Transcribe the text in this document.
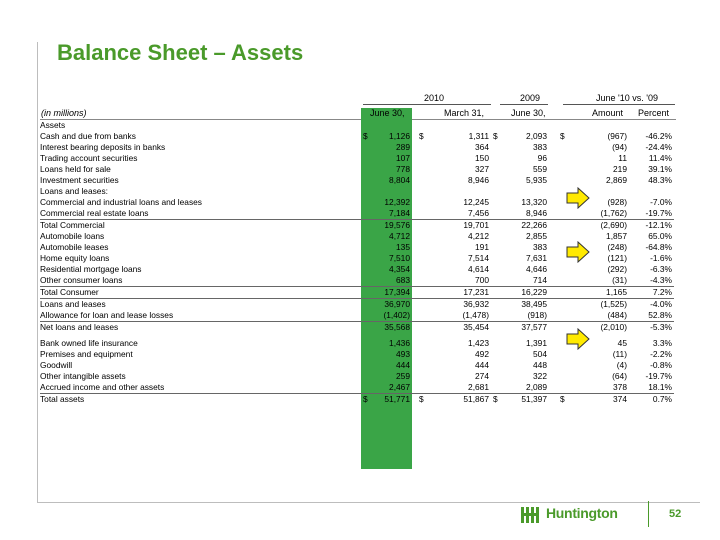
Balance Sheet – Assets
2010	2009	June '10 vs. '09
(in millions)	June 30,	March 31,	June 30,	Amount Percent
Assets							
Cash and due from banks	$ 1,126		$ 1,311	$ 2,093		$ (967)	-46.2%
Interest bearing deposits in banks	289		364	383		(94)	-24.4%
Trading account securities	107		150	96		11	11.4%
Loans held for sale	778		327	559		219	39.1%
Investment securities	8,804		8,946	5,935		2,869	48.3%
Loans and leases:							
Commercial and industrial loans and leases	12,392		12,245	13,320		(928)	-7.0%
Commercial real estate loans	7,184		7,456	8,946		(1,762)	-19.7%
Total Commercial	19,576		19,701	22,266		(2,690)	-12.1%
Automobile loans	4,712		4,212	2,855		1,857	65.0%
Automobile leases	135		191	383		(248)	-64.8%
Home equity loans	7,510		7,514	7,631		(121)	-1.6%
Residential mortgage loans	4,354		4,614	4,646		(292)	-6.3%
Other consumer loans	683		700	714		(31)	-4.3%
Total Consumer	17,394		17,231	16,229		1,165	7.2%
Loans and leases	36,970		36,932	38,495		(1,525)	-4.0%
Allowance for loan and lease losses	(1,402)		(1,478)	(918)		(484)	52.8%
Net loans and leases	35,568		35,454	37,577		(2,010)	-5.3%

Bank owned life insurance	1,436		1,423	1,391		45	3.3%
Premises and equipment	493		492	504		(11)	-2.2%
Goodwill	444		444	448		(4)	-0.8%
Other intangible assets	259		274	322		(64)	-19.7%
Accrued income and other assets	2,467		2,681	2,089		378	18.1%
Total assets	$ 51,771		$ 51,867	$ 51,397		$ 374	0.7%
Huntington	52
